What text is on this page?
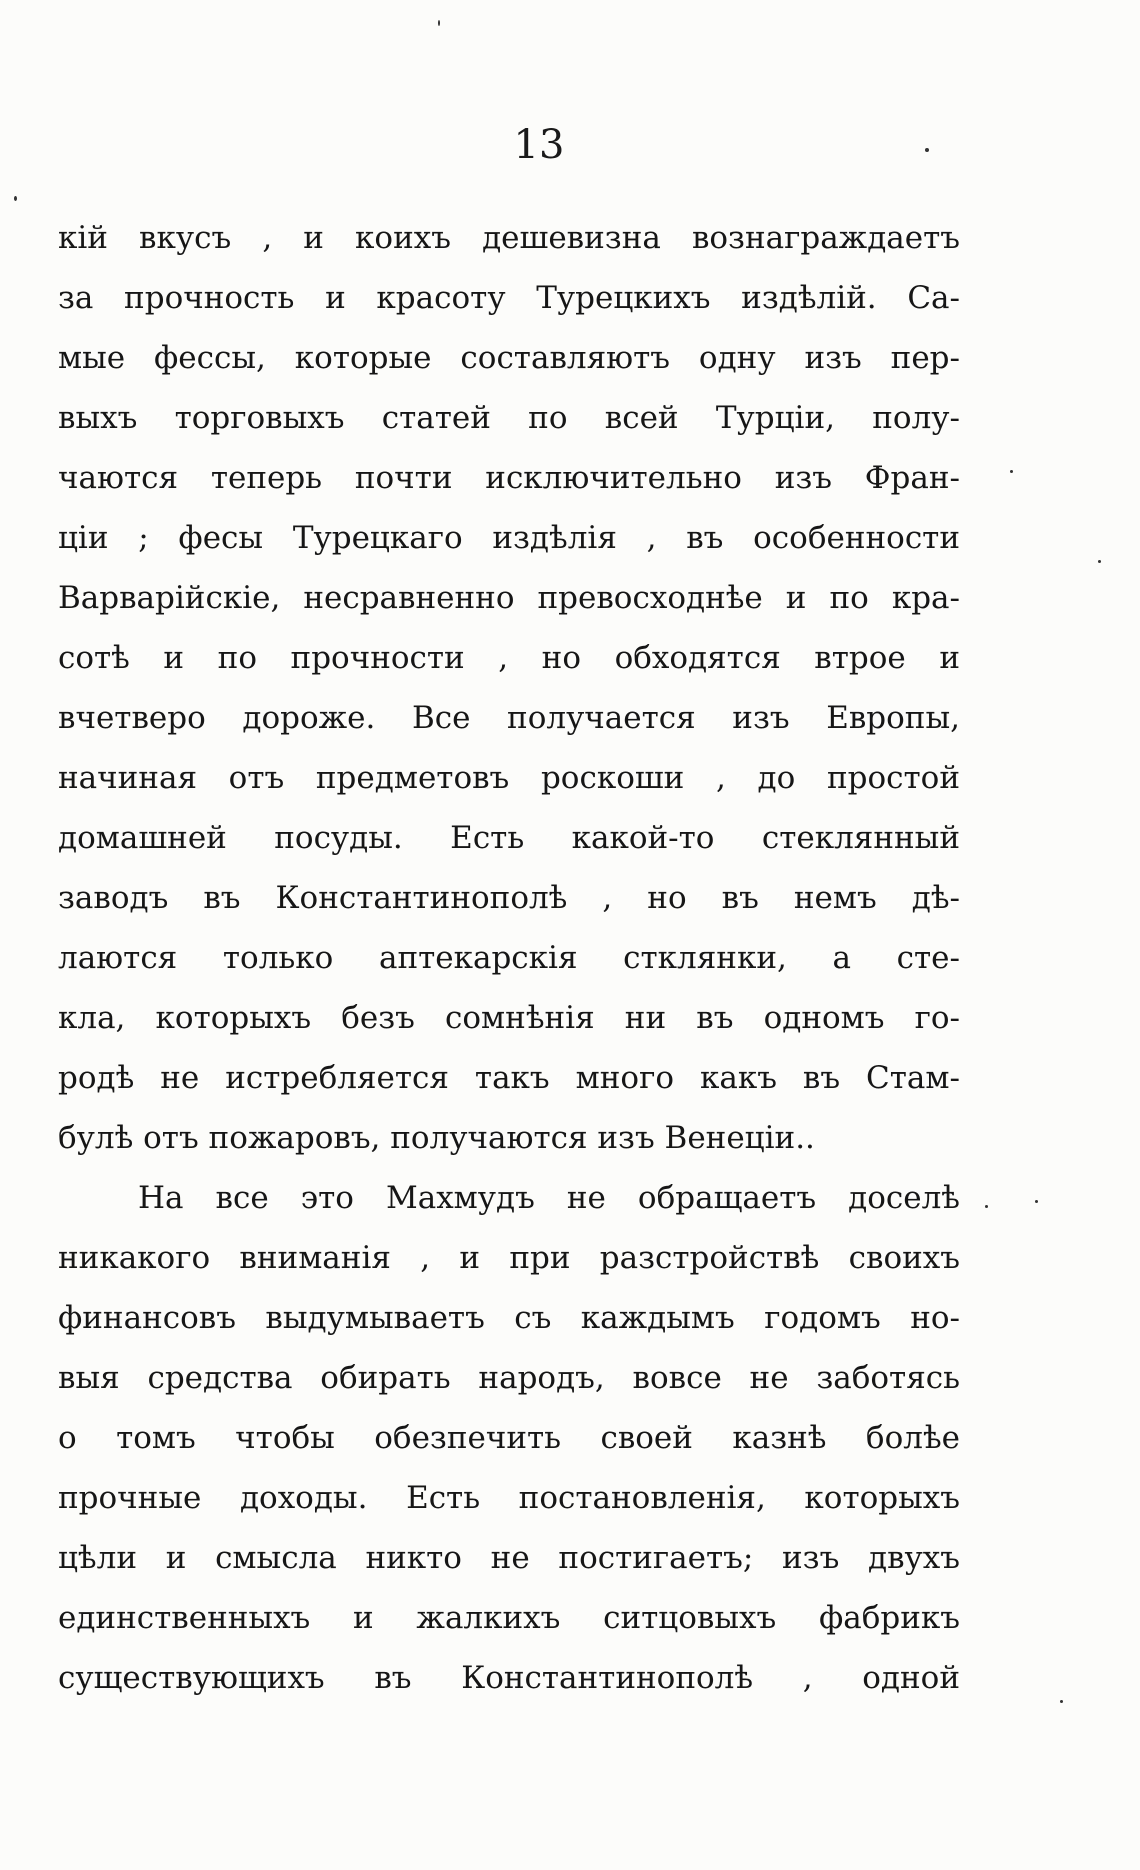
13
кій вкусъ , и коихъ дешевизна вознаграждаетъ
за прочность и красоту Турецкихъ издѣлій. Са-
мые фессы, которые составляютъ одну изъ пер-
выхъ торговыхъ статей по всей Турціи, полу-
чаются теперь почти исключительно изъ Фран-
ціи ; фесы Турецкаго издѣлія , въ особенности
Варварійскіе, несравненно превосходнѣе и по кра-
сотѣ и по прочности , но обходятся втрое и
вчетверо дороже. Все получается изъ Европы,
начиная отъ предметовъ роскоши , до простой
домашней посуды. Есть какой-то стеклянный
заводъ въ Константинополѣ , но въ немъ дѣ-
лаются только аптекарскія стклянки, а сте-
кла, которыхъ безъ сомнѣнія ни въ одномъ го-
родѣ не истребляется такъ много какъ въ Стам-
булѣ отъ пожаровъ, получаются изъ Венеціи..
На все это Махмудъ не обращаетъ доселѣ
никакого вниманія , и при разстройствѣ своихъ
финансовъ выдумываетъ съ каждымъ годомъ но-
выя средства обирать народъ, вовсе не заботясь
о томъ чтобы обезпечить своей казнѣ болѣе
прочные доходы. Есть постановленія, которыхъ
цѣли и смысла никто не постигаетъ; изъ двухъ
единственныхъ и жалкихъ ситцовыхъ фабрикъ
существующихъ въ Константинополѣ , одной
